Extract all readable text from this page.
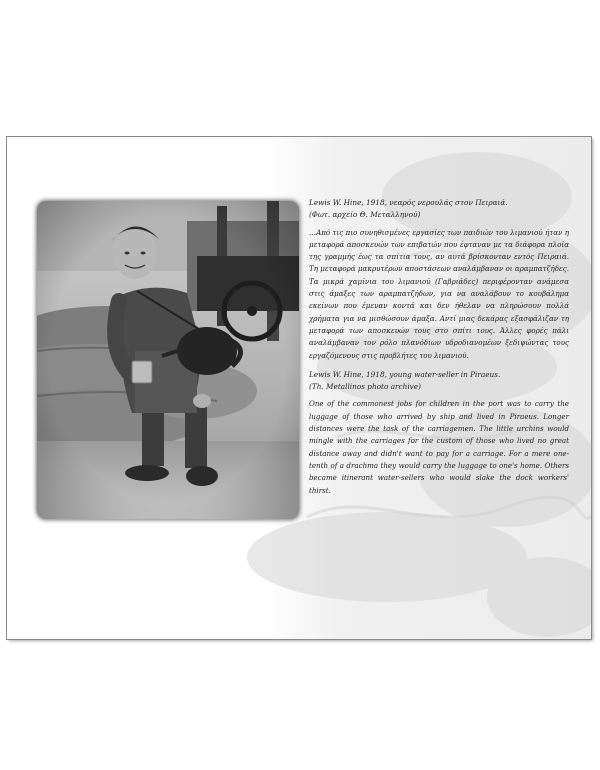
Lewis W. Hine, 1918, νεαρός νερουλάς στον Πειραιά.
(Φωτ. αρχείο Θ. Μεταλληνού)

…Από τις πιο συνηθισμένες εργασίες των παιδιών του λιμανιού ήταν η μεταφορά αποσκευών των επιβατών που έφταναν με τα διάφορα πλοία της γραμμής έως τα σπίτια τους, αν αυτά βρίσκονταν εντός Πειραιά. Τη μεταφορά μακρυτέρων αποστάσεων αναλάμβαναν οι αραμπατζήδες. Τα μικρά χαμίνια του λιμανιού (Γαβριάδες) περιφέρονταν ανάμεσα στις άμαξες των αραμπατζήδων, για να αναλάβουν το κουβάλημα εκείνων που έμεναν κοντά και δεν ήθελαν να πληρώσουν πολλά χρήματα για να μισθώσουν άμαξα. Αντί μιας δεκάρας εξασφάλιζαν τη μεταφορά των αποσκευών τους στο σπίτι τους. Άλλες φορές πάλι αναλάμβαναν τον ρόλο πλανόδιων υδροδιανομέων ξεδιψώντας τους εργαζόμενους στις προβλήτες του λιμανιού.

Lewis W. Hine, 1918, young water-seller in Piraeus.
(Th. Metallinos photo archive)

One of the commonest jobs for children in the port was to carry the luggage of those who arrived by ship and lived in Piraeus. Longer distances were the task of the carriagemen. The little urchins would mingle with the carriages for the custom of those who lived no great distance away and didn't want to pay for a carriage. For a mere one-tenth of a drachma they would carry the luggage to one's home. Others became itinerant water-sellers who would slake the dock workers' thirst.
